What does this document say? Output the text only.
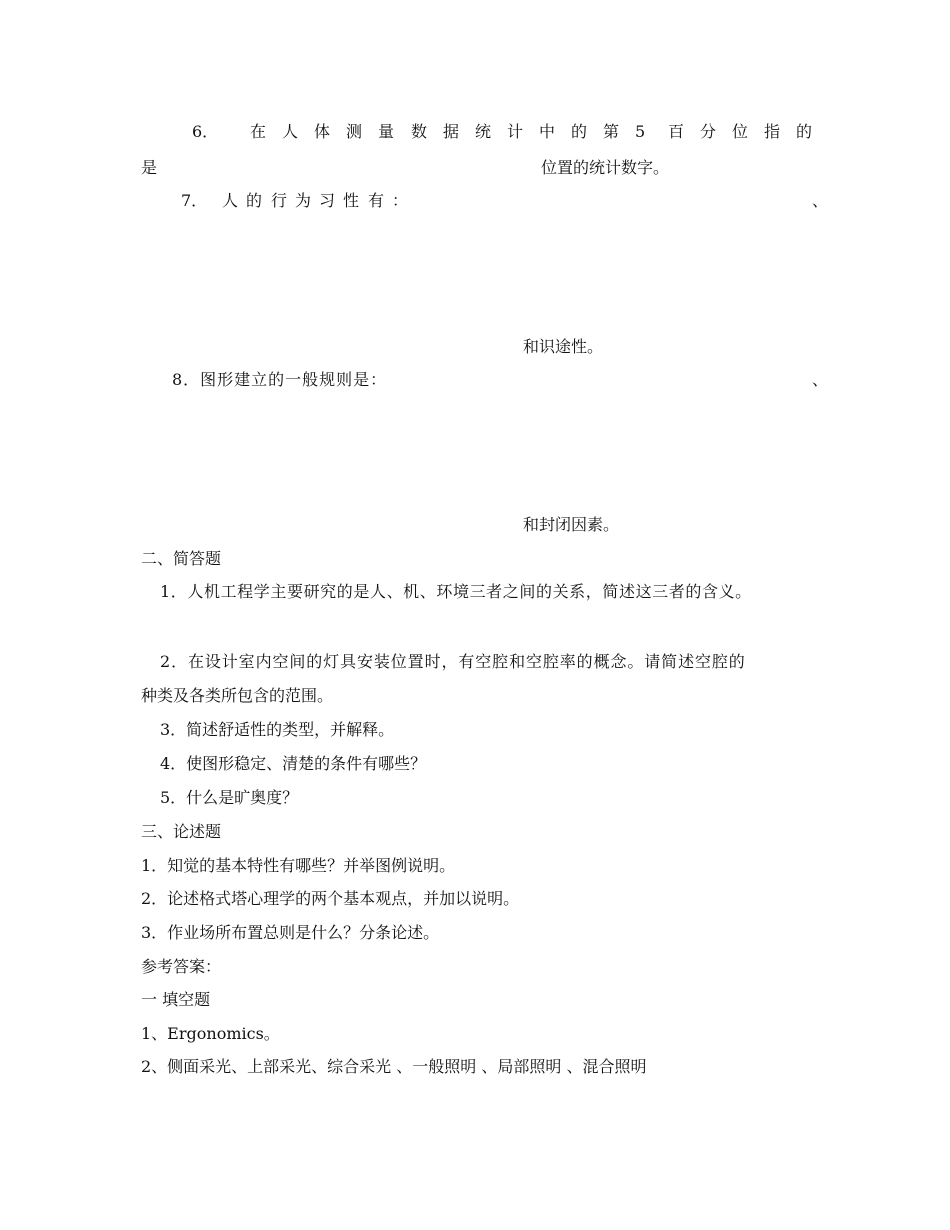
6． 在 人 体 测 量 数 据 统 计 中 的 第 5 百 分 位 指 的
是	位置的统计数字。
7． 人 的 行 为 习 性 有 ：	、
和识途性。
8．图形建立的一般规则是：	、
和封闭因素。
二、简答题
1．人机工程学主要研究的是人、机、环境三者之间的关系，简述这三者的含义。
2．在设计室内空间的灯具安装位置时，有空腔和空腔率的概念。请简述空腔的
种类及各类所包含的范围。
3．简述舒适性的类型，并解释。
4．使图形稳定、清楚的条件有哪些？
5．什么是旷奥度？
三、论述题
1．知觉的基本特性有哪些？并举图例说明。
2．论述格式塔心理学的两个基本观点，并加以说明。
3．作业场所布置总则是什么？分条论述。
参考答案：
一 填空题
1、Ergonomics。
2、侧面采光、上部采光、综合采光 、一般照明 、局部照明 、混合照明
